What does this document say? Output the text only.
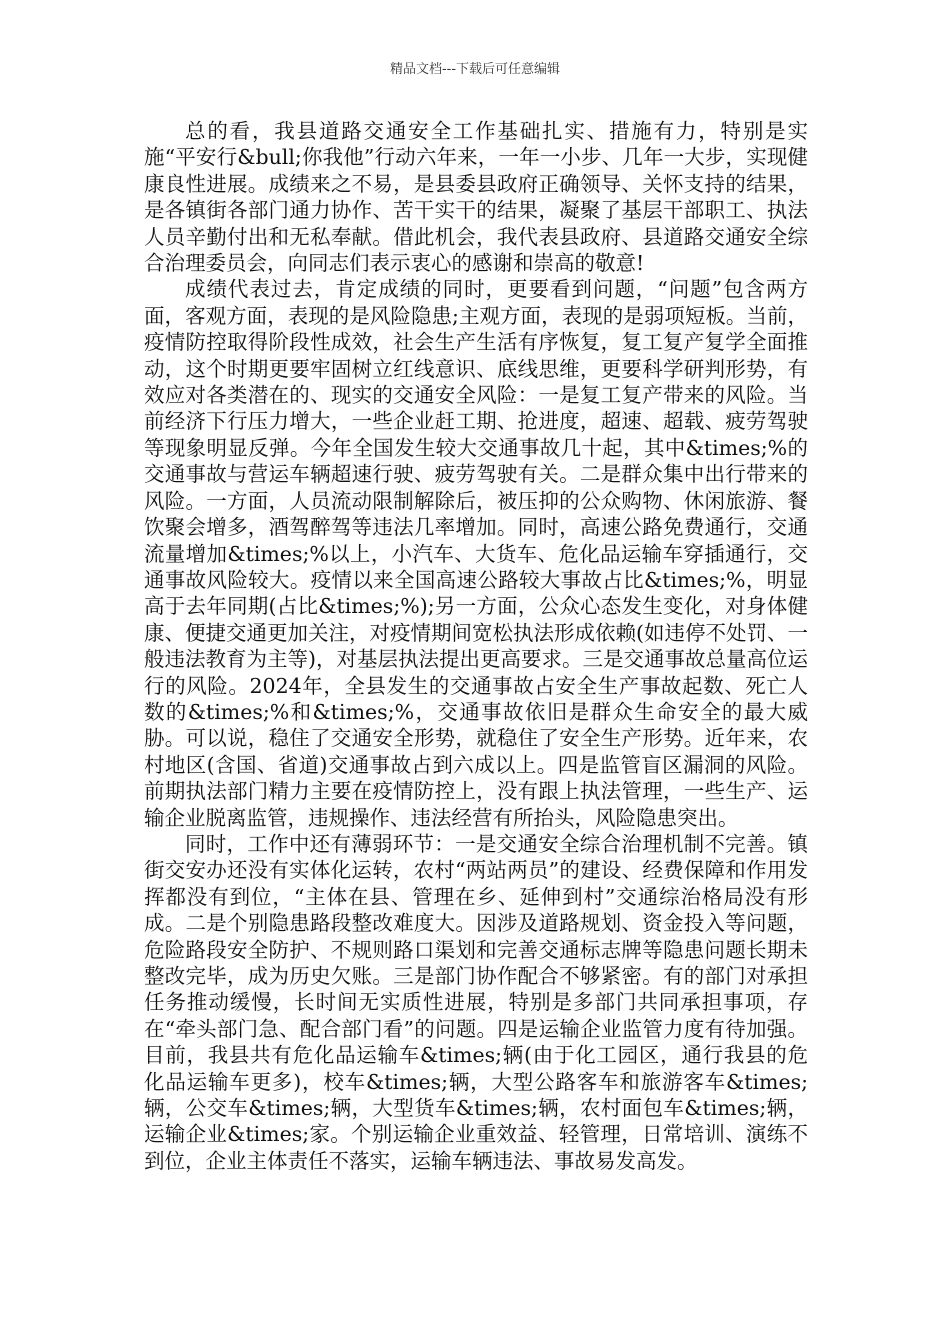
精品文档---下载后可任意编辑

总的看，我县道路交通安全工作基础扎实、措施有力，特别是实施“平安行&bull;你我他”行动六年来，一年一小步、几年一大步，实现健康良性进展。成绩来之不易，是县委县政府正确领导、关怀支持的结果，是各镇街各部门通力协作、苦干实干的结果，凝聚了基层干部职工、执法人员辛勤付出和无私奉献。借此机会，我代表县政府、县道路交通安全综合治理委员会，向同志们表示衷心的感谢和崇高的敬意!

成绩代表过去，肯定成绩的同时，更要看到问题，“问题”包含两方面，客观方面，表现的是风险隐患;主观方面，表现的是弱项短板。当前，疫情防控取得阶段性成效，社会生产生活有序恢复，复工复产复学全面推动，这个时期更要牢固树立红线意识、底线思维，更要科学研判形势，有效应对各类潜在的、现实的交通安全风险：一是复工复产带来的风险。当前经济下行压力增大，一些企业赶工期、抢进度，超速、超载、疲劳驾驶等现象明显反弹。今年全国发生较大交通事故几十起，其中&times;%的交通事故与营运车辆超速行驶、疲劳驾驶有关。二是群众集中出行带来的风险。一方面，人员流动限制解除后，被压抑的公众购物、休闲旅游、餐饮聚会增多，酒驾醉驾等违法几率增加。同时，高速公路免费通行，交通流量增加&times;%以上，小汽车、大货车、危化品运输车穿插通行，交通事故风险较大。疫情以来全国高速公路较大事故占比&times;%，明显高于去年同期(占比&times;%);另一方面，公众心态发生变化，对身体健康、便捷交通更加关注，对疫情期间宽松执法形成依赖(如违停不处罚、一般违法教育为主等)，对基层执法提出更高要求。三是交通事故总量高位运行的风险。2024年，全县发生的交通事故占安全生产事故起数、死亡人数的&times;%和&times;%，交通事故依旧是群众生命安全的最大威胁。可以说，稳住了交通安全形势，就稳住了安全生产形势。近年来，农村地区(含国、省道)交通事故占到六成以上。四是监管盲区漏洞的风险。前期执法部门精力主要在疫情防控上，没有跟上执法管理，一些生产、运输企业脱离监管，违规操作、违法经营有所抬头，风险隐患突出。

同时，工作中还有薄弱环节：一是交通安全综合治理机制不完善。镇街交安办还没有实体化运转，农村“两站两员”的建设、经费保障和作用发挥都没有到位，“主体在县、管理在乡、延伸到村”交通综治格局没有形成。二是个别隐患路段整改难度大。因涉及道路规划、资金投入等问题，危险路段安全防护、不规则路口渠划和完善交通标志牌等隐患问题长期未整改完毕，成为历史欠账。三是部门协作配合不够紧密。有的部门对承担任务推动缓慢，长时间无实质性进展，特别是多部门共同承担事项，存在“牵头部门急、配合部门看”的问题。四是运输企业监管力度有待加强。目前，我县共有危化品运输车&times;辆(由于化工园区，通行我县的危化品运输车更多)，校车&times;辆，大型公路客车和旅游客车&times;辆，公交车&times;辆，大型货车&times;辆，农村面包车&times;辆，运输企业&times;家。个别运输企业重效益、轻管理，日常培训、演练不到位，企业主体责任不落实，运输车辆违法、事故易发高发。
